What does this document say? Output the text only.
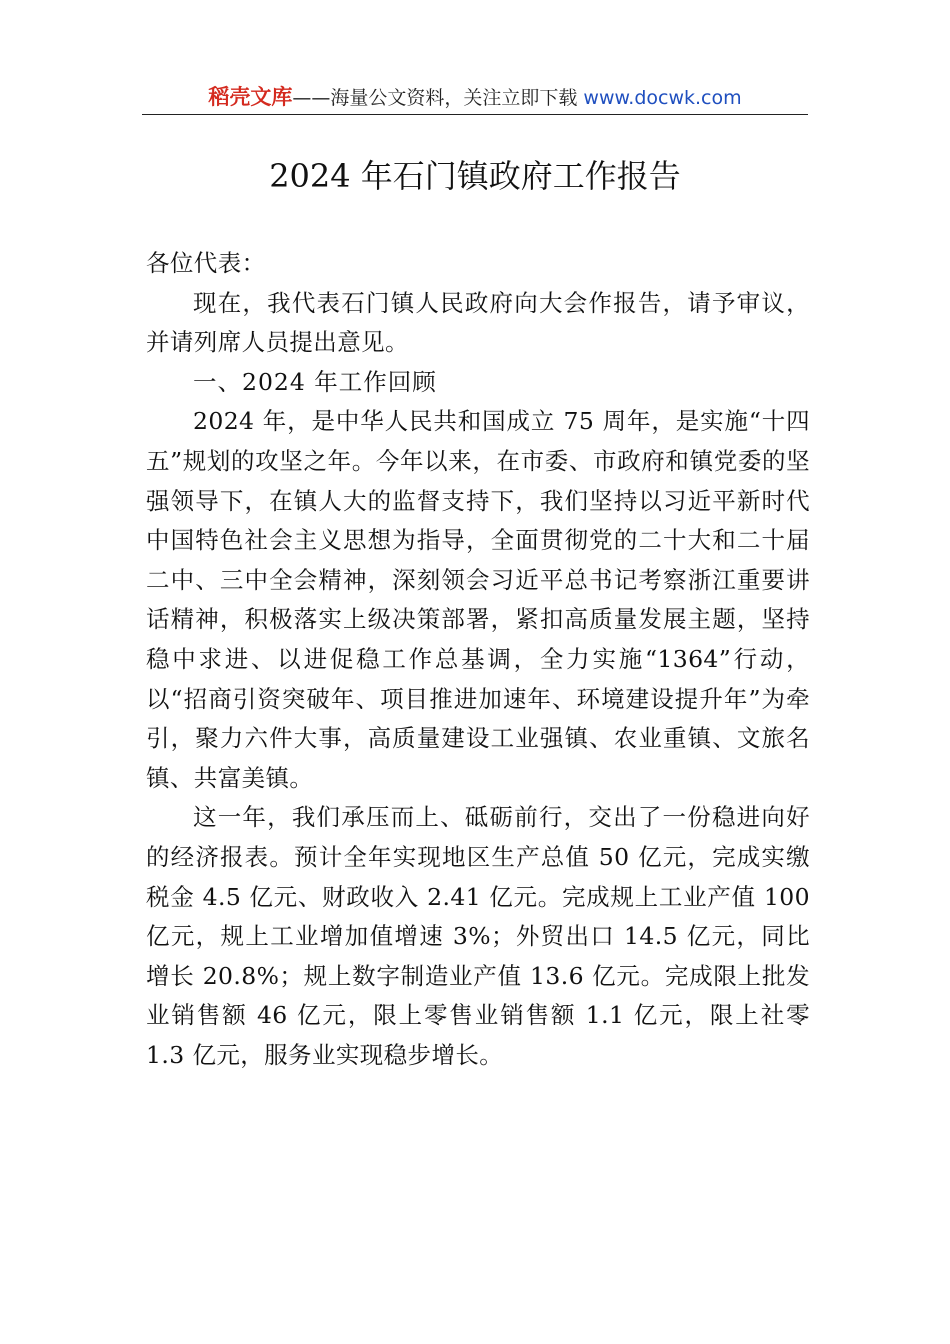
稻壳文库——海量公文资料，关注立即下载 www.docwk.com
2024 年石门镇政府工作报告

各位代表：

现在，我代表石门镇人民政府向大会作报告，请予审议，并请列席人员提出意见。

一、2024 年工作回顾

2024 年，是中华人民共和国成立 75 周年，是实施“十四五”规划的攻坚之年。今年以来，在市委、市政府和镇党委的坚强领导下，在镇人大的监督支持下，我们坚持以习近平新时代中国特色社会主义思想为指导，全面贯彻党的二十大和二十届二中、三中全会精神，深刻领会习近平总书记考察浙江重要讲话精神，积极落实上级决策部署，紧扣高质量发展主题，坚持稳中求进、以进促稳工作总基调，全力实施“1364”行动，以“招商引资突破年、项目推进加速年、环境建设提升年”为牵引，聚力六件大事，高质量建设工业强镇、农业重镇、文旅名镇、共富美镇。

这一年，我们承压而上、砥砺前行，交出了一份稳进向好的经济报表。预计全年实现地区生产总值 50 亿元，完成实缴税金 4.5 亿元、财政收入 2.41 亿元。完成规上工业产值 100 亿元，规上工业增加值增速 3%；外贸出口 14.5 亿元，同比 增长 20.8%；规上数字制造业产值 13.6 亿元。完成限上批发 业销售额 46 亿元，限上零售业销售额 1.1 亿元，限上社零 1.3 亿元，服务业实现稳步增长。
